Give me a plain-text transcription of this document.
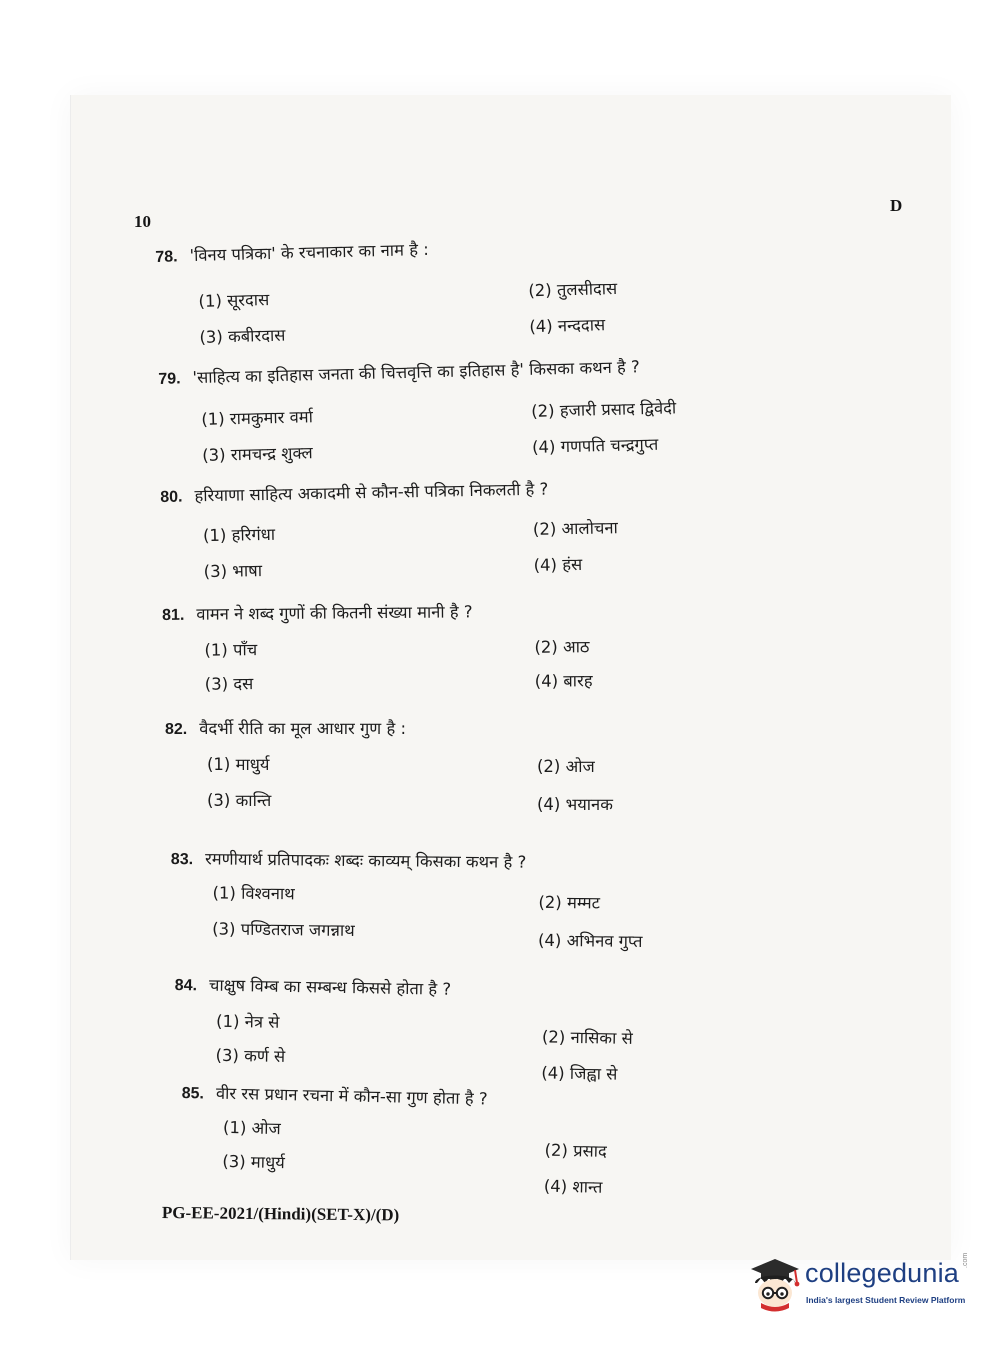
10
D
78. 'विनय पत्रिका' के रचनाकार का नाम है :
(1) सूरदास
(2) तुलसीदास
(3) कबीरदास	(4) नन्ददास
79. 'साहित्य का इतिहास जनता की चित्तवृत्ति का इतिहास है' किसका कथन है ?
(1) रामकुमार वर्मा	(2) हजारी प्रसाद द्विवेदी
(3) रामचन्द्र शुक्ल	(4) गणपति चन्द्रगुप्त
80. हरियाणा साहित्य अकादमी से कौन-सी पत्रिका निकलती है ?
(1) हरिगंधा	(2) आलोचना
(3) भाषा	(4) हंस
81. वामन ने शब्द गुणों की कितनी संख्या मानी है ?
(1) पाँच	(2) आठ
(3) दस	(4) बारह
82. वैदर्भी रीति का मूल आधार गुण है :
(1) माधुर्य	(2) ओज
(3) कान्ति	(4) भयानक
83. रमणीयार्थ प्रतिपादकः शब्दः काव्यम् किसका कथन है ?
(1) विश्वनाथ	(2) मम्मट
(3) पण्डितराज जगन्नाथ
(4) अभिनव गुप्त
84. चाक्षुष विम्ब का सम्बन्ध किससे होता है ?
(1) नेत्र से
(2) नासिका से
(3) कर्ण से
(4) जिह्वा से
85. वीर रस प्रधान रचना में कौन-सा गुण होता है ?
(1) ओज
(2) प्रसाद
(3) माधुर्य
(4) शान्त
PG-EE-2021/(Hindi)(SET-X)/(D)
collegedunia .com
India's largest Student Review Platform
